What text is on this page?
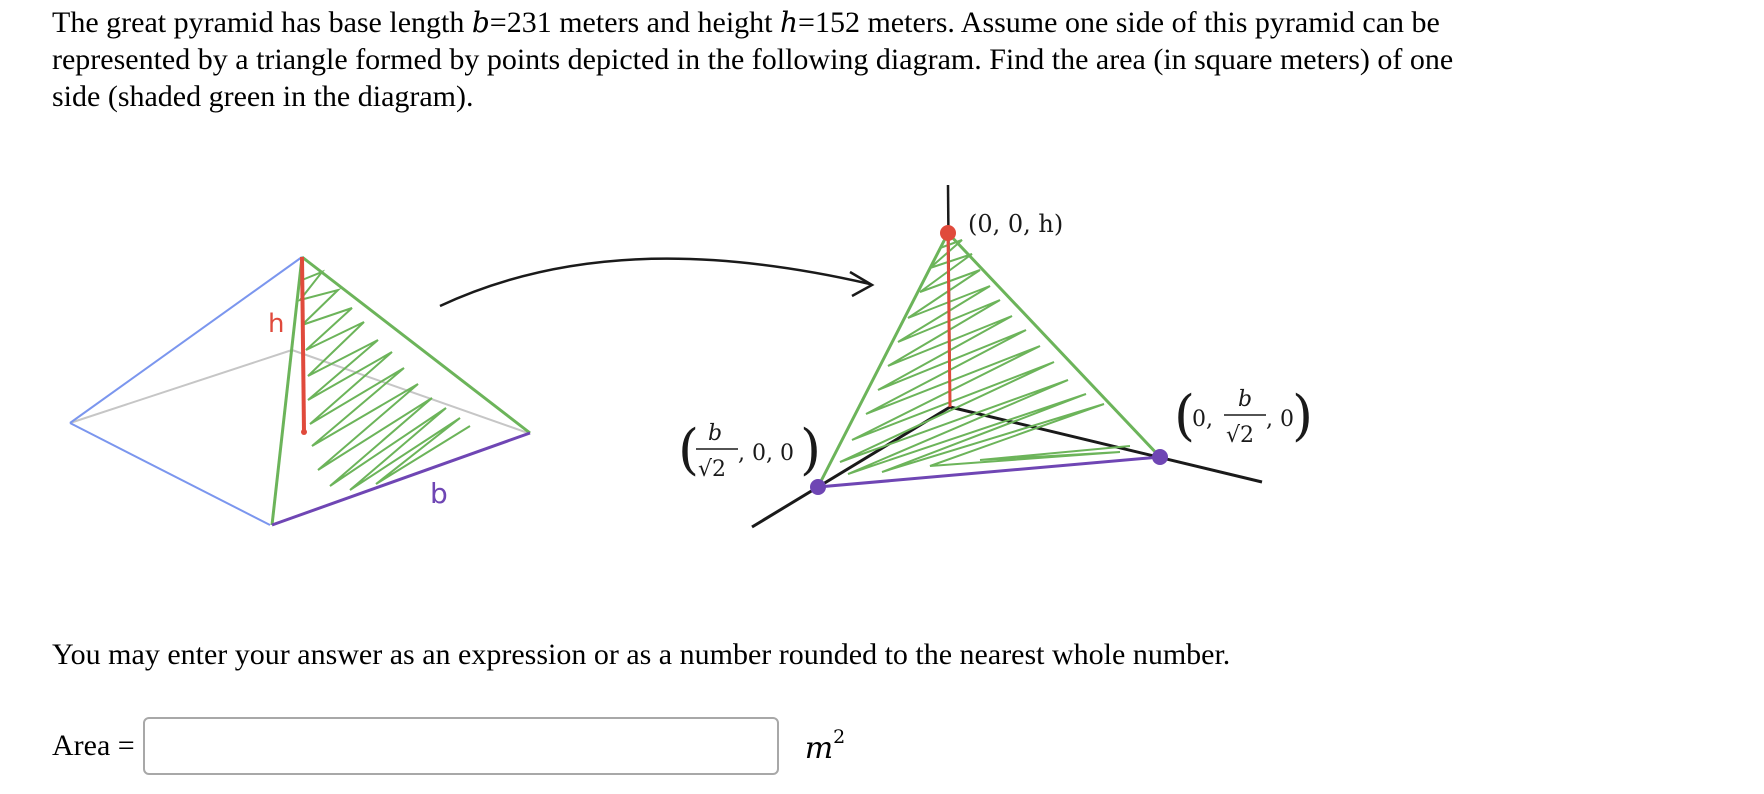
The great pyramid has base length b=231 meters and height h=152 meters. Assume one side of this pyramid can be represented by a triangle formed by points depicted in the following diagram. Find the area (in square meters) of one side (shaded green in the diagram).
h
b
(0, 0, h)
( b
√2
, 0, 0 )
(
0,
b
√2
, 0
)
You may enter your answer as an expression or as a number rounded to the nearest whole number.
Area =	$m^2$
